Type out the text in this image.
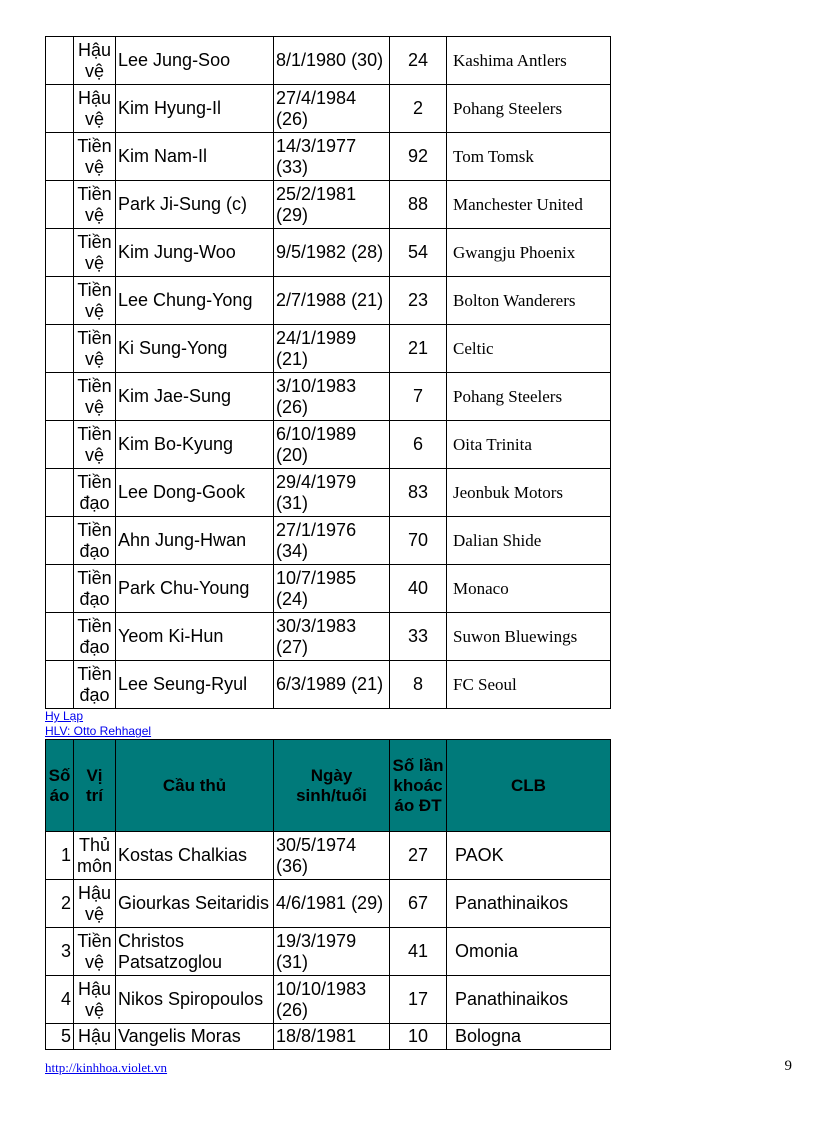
	Hậu vệ	Lee Jung-Soo	8/1/1980 (30)	24	Kashima Antlers
	Hậu vệ	Kim Hyung-Il	27/4/1984 (26)	2	Pohang Steelers
	Tiền vệ	Kim Nam-Il	14/3/1977 (33)	92	Tom Tomsk
	Tiền vệ	Park Ji-Sung (c)	25/2/1981 (29)	88	Manchester United
	Tiền vệ	Kim Jung-Woo	9/5/1982 (28)	54	Gwangju Phoenix
	Tiền vệ	Lee Chung-Yong	2/7/1988 (21)	23	Bolton Wanderers
	Tiền vệ	Ki Sung-Yong	24/1/1989 (21)	21	Celtic
	Tiền vệ	Kim Jae-Sung	3/10/1983 (26)	7	Pohang Steelers
	Tiền vệ	Kim Bo-Kyung	6/10/1989 (20)	6	Oita Trinita
	Tiền đạo	Lee Dong-Gook	29/4/1979 (31)	83	Jeonbuk Motors
	Tiền đạo	Ahn Jung-Hwan	27/1/1976 (34)	70	Dalian Shide
	Tiền đạo	Park Chu-Young	10/7/1985 (24)	40	Monaco
	Tiền đạo	Yeom Ki-Hun	30/3/1983 (27)	33	Suwon Bluewings
	Tiền đạo	Lee Seung-Ryul	6/3/1989 (21)	8	FC Seoul
Hy Lạp
HLV: Otto Rehhagel
Số áo	Vị trí	Cầu thủ	Ngày sinh/tuổi	Số lần khoác áo ĐT	CLB
1	Thủ môn	Kostas Chalkias	30/5/1974 (36)	27	PAOK
2	Hậu vệ	Giourkas Seitaridis	4/6/1981 (29)	67	Panathinaikos
3	Tiền vệ	Christos Patsatzoglou	19/3/1979 (31)	41	Omonia
4	Hậu vệ	Nikos Spiropoulos	10/10/1983 (26)	17	Panathinaikos
5	Hậu	Vangelis Moras	18/8/1981	10	Bologna
http://kinhhoa.violet.vn	9
